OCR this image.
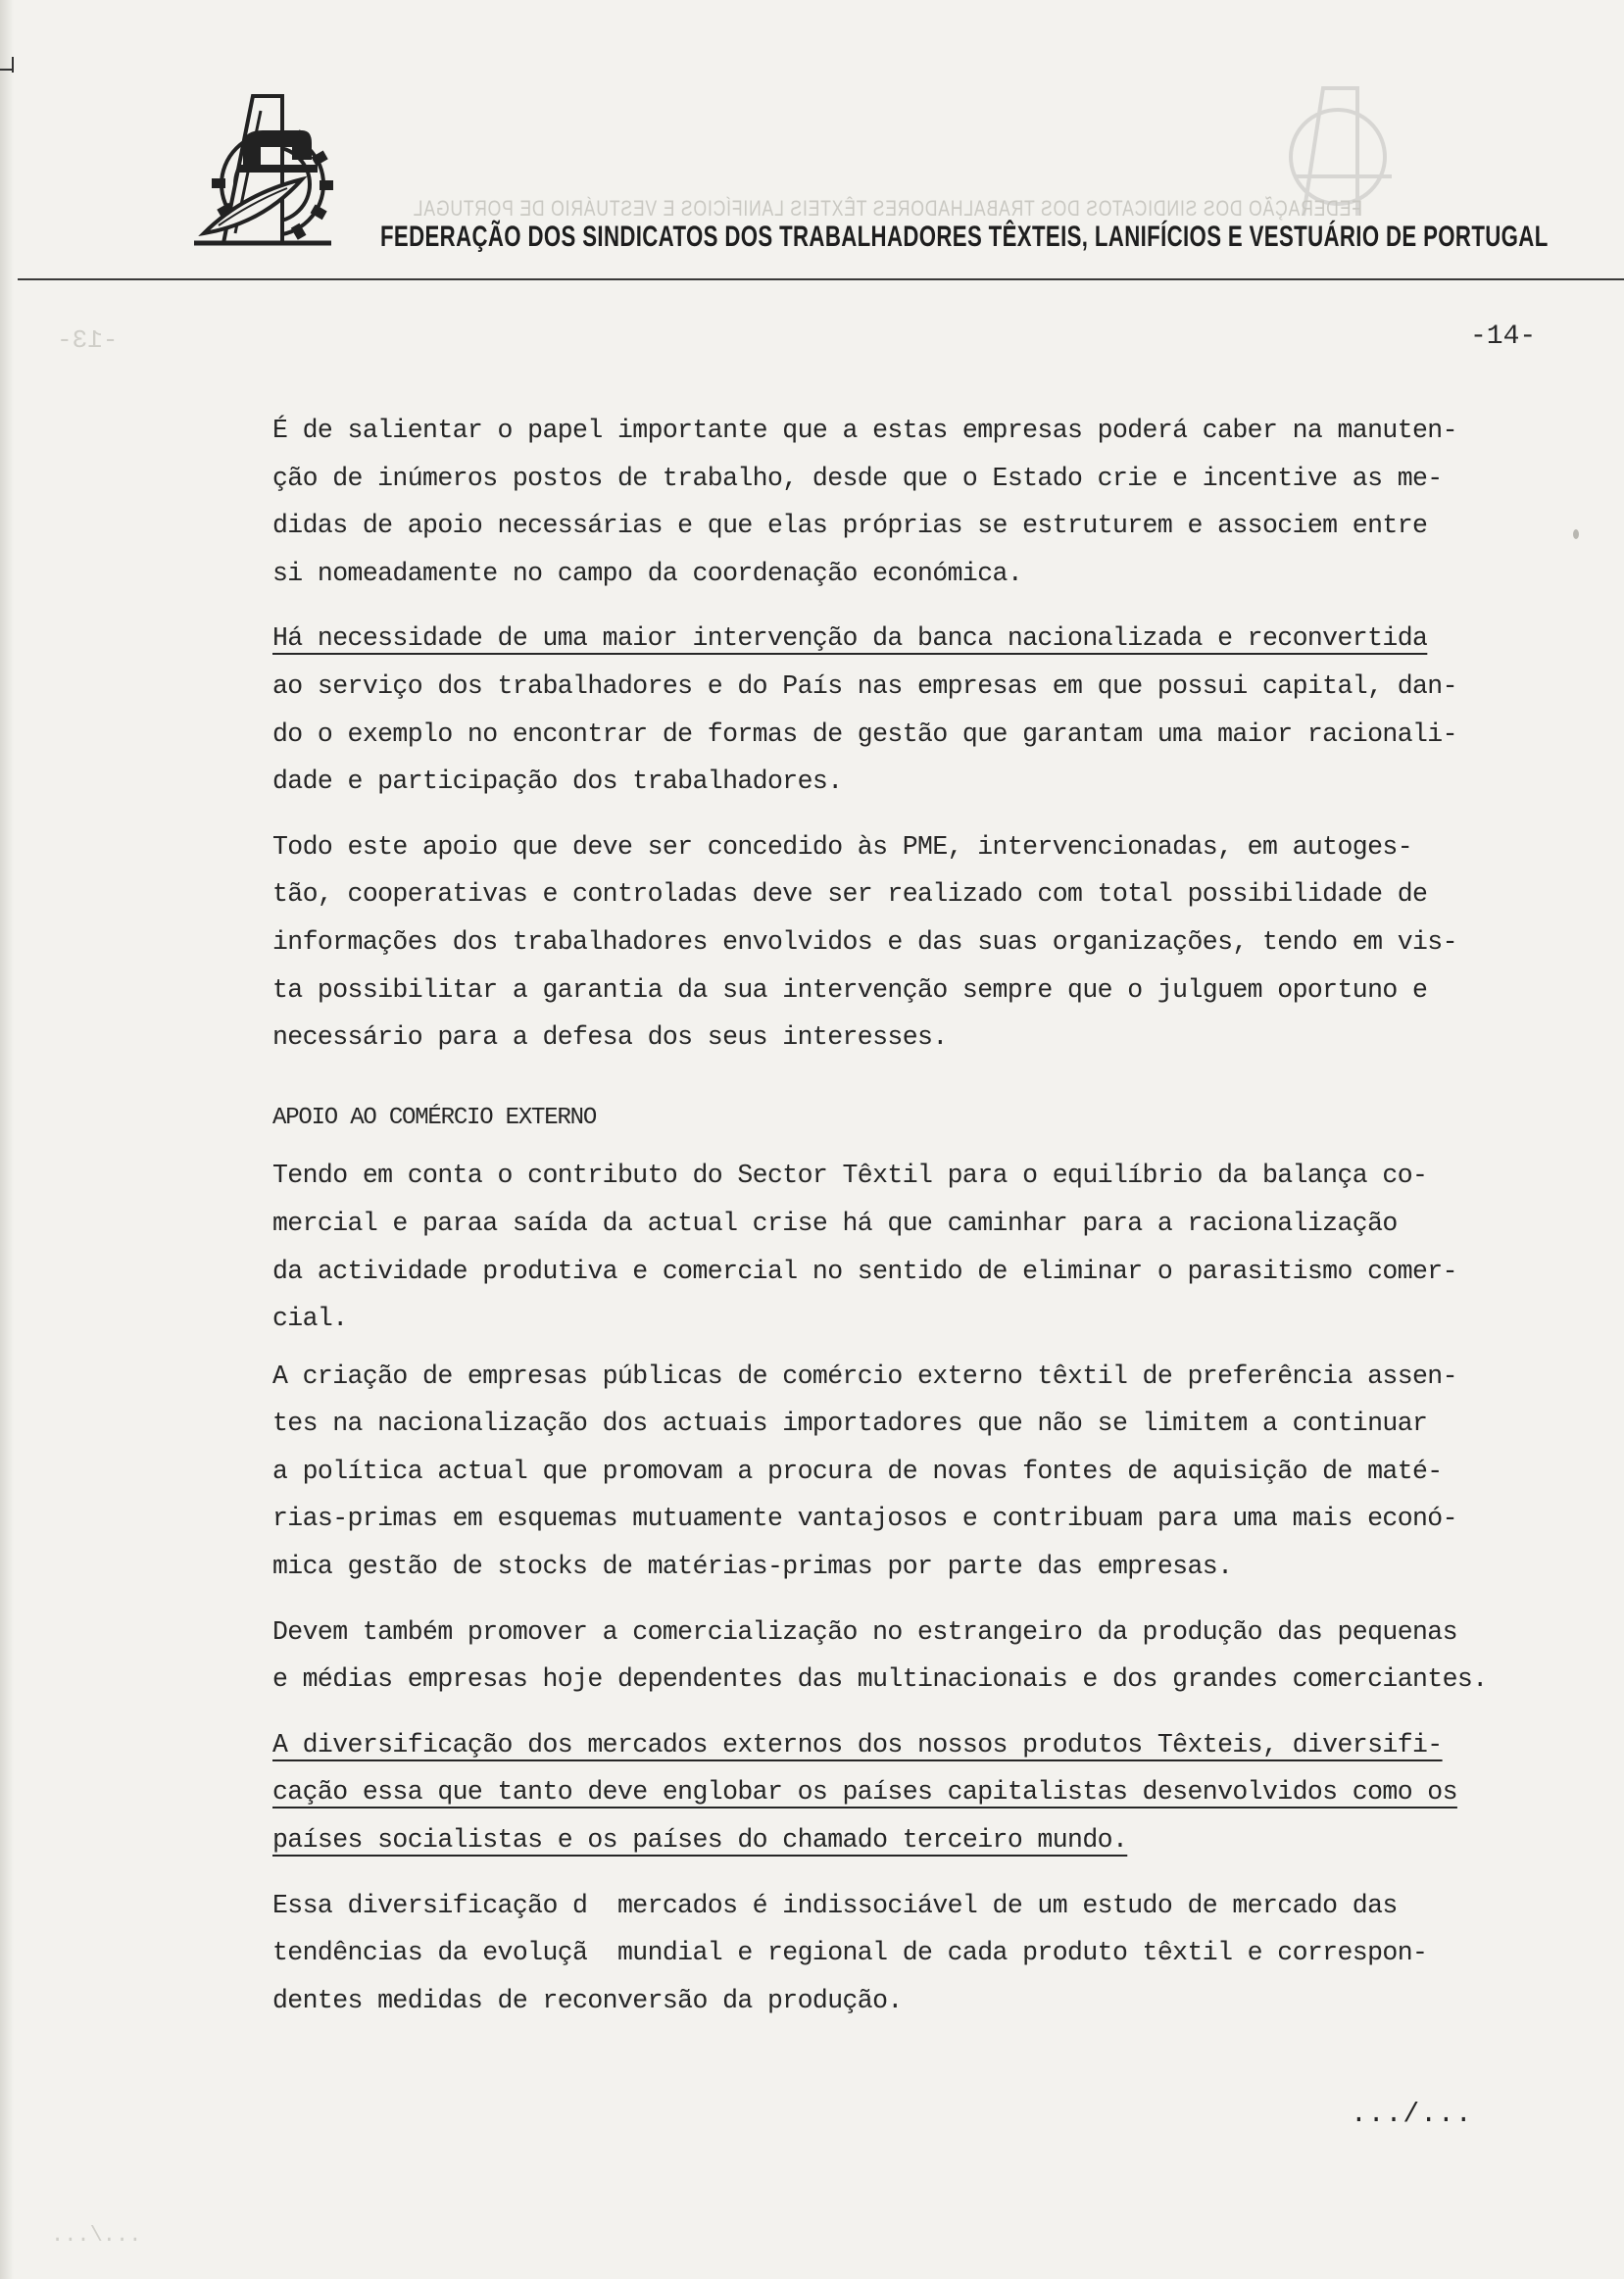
-13-
...\...
FEDERAÇÃO DOS SINDICATOS DOS TRABALHADORES TÊXTEIS LANIFÍCIOS E VESTUÁRIO DE PORTUGAL
FEDERAÇÃO DOS SINDICATOS DOS TRABALHADORES TÊXTEIS, LANIFÍCIOS E VESTUÁRIO DE PORTUGAL
-14-
É de salientar o papel importante que a estas empresas poderá caber na manuten-
ção de inúmeros postos de trabalho, desde que o Estado crie e incentive as me-
didas de apoio necessárias e que elas próprias se estruturem e associem entre
si nomeadamente no campo da coordenação económica.
Há necessidade de uma maior intervenção da banca nacionalizada e reconvertida
ao serviço dos trabalhadores e do País nas empresas em que possui capital, dan-
do o exemplo no encontrar de formas de gestão que garantam uma maior racionali-
dade e participação dos trabalhadores.
Todo este apoio que deve ser concedido às PME, intervencionadas, em autoges-
tão, cooperativas e controladas deve ser realizado com total possibilidade de
informações dos trabalhadores envolvidos e das suas organizações, tendo em vis-
ta possibilitar a garantia da sua intervenção sempre que o julguem oportuno e
necessário para a defesa dos seus interesses.
APOIO AO COMÉRCIO EXTERNO
Tendo em conta o contributo do Sector Têxtil para o equilíbrio da balança co-
mercial e paraa saída da actual crise há que caminhar para a racionalização
da actividade produtiva e comercial no sentido de eliminar o parasitismo comer-
cial.
A criação de empresas públicas de comércio externo têxtil de preferência assen-
tes na nacionalização dos actuais importadores que não se limitem a continuar
a política actual que promovam a procura de novas fontes de aquisição de maté-
rias-primas em esquemas mutuamente vantajosos e contribuam para uma mais econó-
mica gestão de stocks de matérias-primas por parte das empresas.
Devem também promover a comercialização no estrangeiro da produção das pequenas
e médias empresas hoje dependentes das multinacionais e dos grandes comerciantes.
A diversificação dos mercados externos dos nossos produtos Têxteis, diversifi-
cação essa que tanto deve englobar os países capitalistas desenvolvidos como os
países socialistas e os países do chamado terceiro mundo.
Essa diversificação d  mercados é indissociável de um estudo de mercado das
tendências da evoluçã  mundial e regional de cada produto têxtil e correspon-
dentes medidas de reconversão da produção.
.../...
